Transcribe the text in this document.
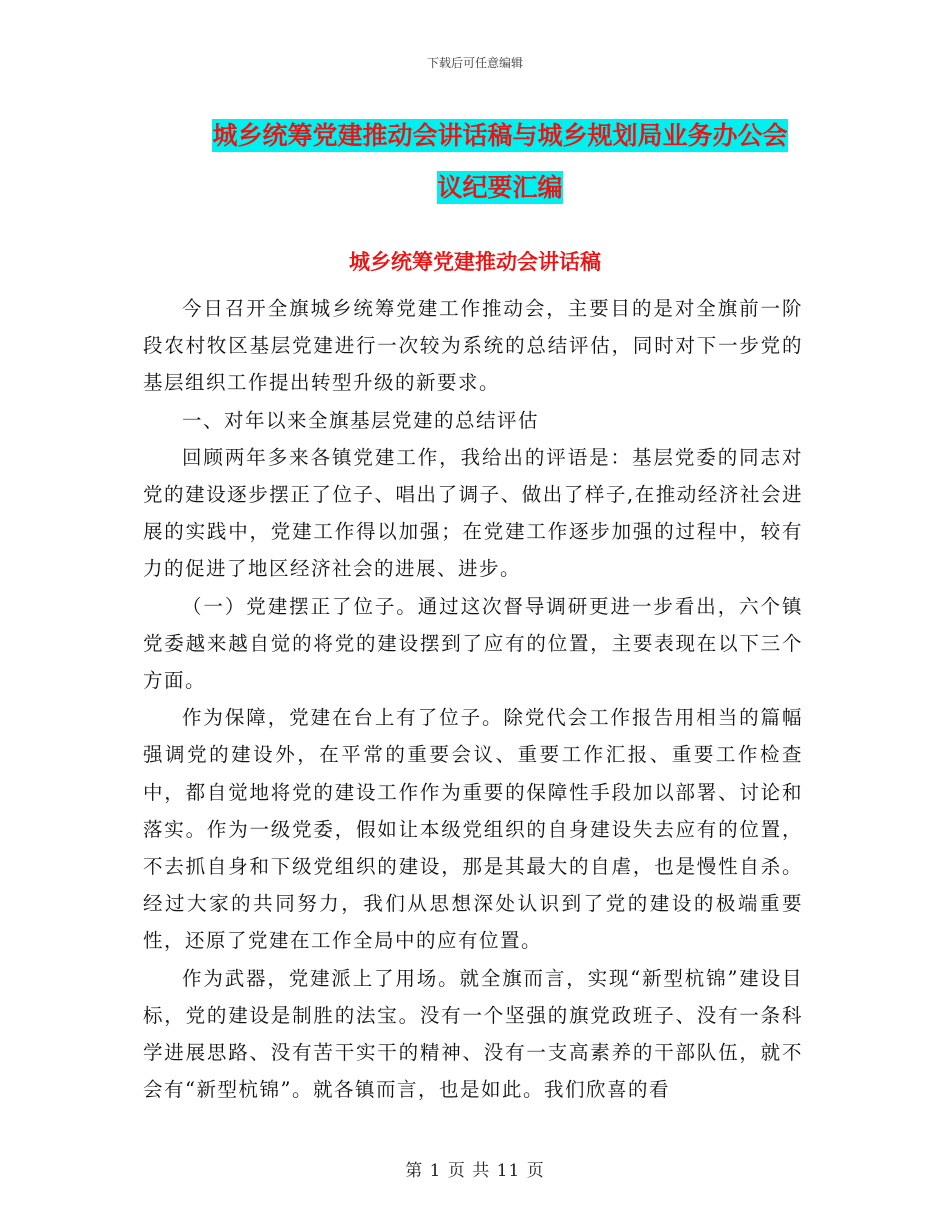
下载后可任意编辑
城乡统筹党建推动会讲话稿与城乡规划局业务办公会
议纪要汇编
城乡统筹党建推动会讲话稿

今日召开全旗城乡统筹党建工作推动会，主要目的是对全旗前一阶段农村牧区基层党建进行一次较为系统的总结评估，同时对下一步党的基层组织工作提出转型升级的新要求。

一、对年以来全旗基层党建的总结评估

回顾两年多来各镇党建工作，我给出的评语是：基层党委的同志对党的建设逐步摆正了位子、唱出了调子、做出了样子,在推动经济社会进展的实践中，党建工作得以加强；在党建工作逐步加强的过程中，较有力的促进了地区经济社会的进展、进步。

（一）党建摆正了位子。通过这次督导调研更进一步看出，六个镇党委越来越自觉的将党的建设摆到了应有的位置，主要表现在以下三个方面。

作为保障，党建在台上有了位子。除党代会工作报告用相当的篇幅强调党的建设外，在平常的重要会议、重要工作汇报、重要工作检查中，都自觉地将党的建设工作作为重要的保障性手段加以部署、讨论和落实。作为一级党委，假如让本级党组织的自身建设失去应有的位置，不去抓自身和下级党组织的建设，那是其最大的自虐，也是慢性自杀。经过大家的共同努力，我们从思想深处认识到了党的建设的极端重要性，还原了党建在工作全局中的应有位置。

作为武器，党建派上了用场。就全旗而言，实现“新型杭锦”建设目标，党的建设是制胜的法宝。没有一个坚强的旗党政班子、没有一条科学进展思路、没有苦干实干的精神、没有一支高素养的干部队伍，就不会有“新型杭锦”。就各镇而言，也是如此。我们欣喜的看

第 1 页 共 11 页
